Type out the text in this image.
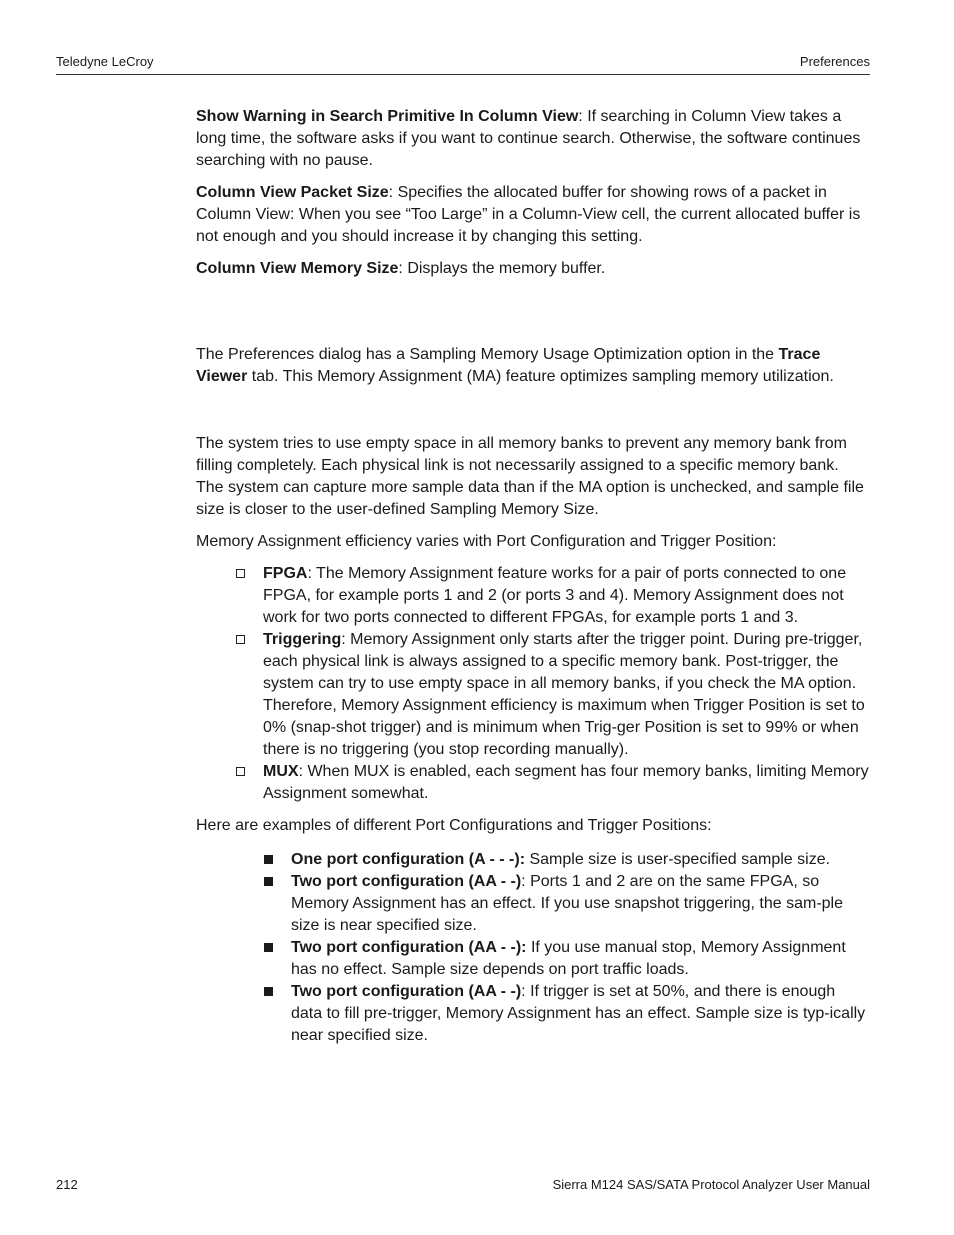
Teledyne LeCroy	Preferences

Show Warning in Search Primitive In Column View: If searching in Column View takes a long time, the software asks if you want to continue search. Otherwise, the software continues searching with no pause.

Column View Packet Size: Specifies the allocated buffer for showing rows of a packet in Column View: When you see “Too Large” in a Column-View cell, the current allocated buffer is not enough and you should increase it by changing this setting.

Column View Memory Size: Displays the memory buffer.

The Preferences dialog has a Sampling Memory Usage Optimization option in the Trace Viewer tab. This Memory Assignment (MA) feature optimizes sampling memory utilization.

The system tries to use empty space in all memory banks to prevent any memory bank from filling completely. Each physical link is not necessarily assigned to a specific memory bank. The system can capture more sample data than if the MA option is unchecked, and sample file size is closer to the user-defined Sampling Memory Size.

Memory Assignment efficiency varies with Port Configuration and Trigger Position:

FPGA: The Memory Assignment feature works for a pair of ports connected to one FPGA, for example ports 1 and 2 (or ports 3 and 4). Memory Assignment does not work for two ports connected to different FPGAs, for example ports 1 and 3.
Triggering: Memory Assignment only starts after the trigger point. During pre-trigger, each physical link is always assigned to a specific memory bank. Post-trigger, the system can try to use empty space in all memory banks, if you check the MA option. Therefore, Memory Assignment efficiency is maximum when Trigger Position is set to 0% (snap-shot trigger) and is minimum when Trig-ger Position is set to 99% or when there is no triggering (you stop recording manually).
MUX: When MUX is enabled, each segment has four memory banks, limiting Memory Assignment somewhat.

Here are examples of different Port Configurations and Trigger Positions:

One port configuration (A - - -): Sample size is user-specified sample size.
Two port configuration (AA - -): Ports 1 and 2 are on the same FPGA, so Memory Assignment has an effect. If you use snapshot triggering, the sam-ple size is near specified size.
Two port configuration (AA - -): If you use manual stop, Memory Assignment has no effect. Sample size depends on port traffic loads.
Two port configuration (AA - -): If trigger is set at 50%, and there is enough data to fill pre-trigger, Memory Assignment has an effect. Sample size is typ-ically near specified size.
212	Sierra M124 SAS/SATA Protocol Analyzer User Manual
